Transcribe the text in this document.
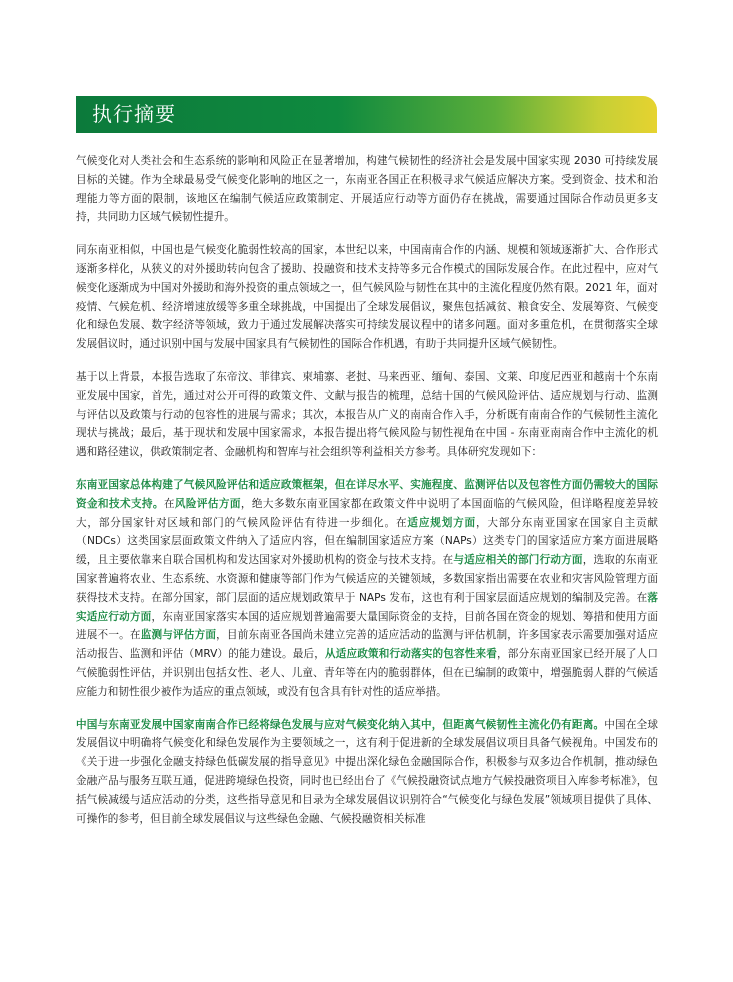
执行摘要

气候变化对人类社会和生态系统的影响和风险正在显著增加，构建气候韧性的经济社会是发展中国家实现 2030 可持续发展目标的关键。作为全球最易受气候变化影响的地区之一，东南亚各国正在积极寻求气候适应解决方案。受到资金、技术和治理能力等方面的限制，该地区在编制气候适应政策制定、开展适应行动等方面仍存在挑战，需要通过国际合作动员更多支持，共同助力区域气候韧性提升。

同东南亚相似，中国也是气候变化脆弱性较高的国家，本世纪以来，中国南南合作的内涵、规模和领域逐渐扩大、合作形式逐渐多样化，从狭义的对外援助转向包含了援助、投融资和技术支持等多元合作模式的国际发展合作。在此过程中，应对气候变化逐渐成为中国对外援助和海外投资的重点领域之一，但气候风险与韧性在其中的主流化程度仍然有限。2021 年，面对疫情、气候危机、经济增速放缓等多重全球挑战，中国提出了全球发展倡议，聚焦包括减贫、粮食安全、发展筹资、气候变化和绿色发展、数字经济等领域，致力于通过发展解决落实可持续发展议程中的诸多问题。面对多重危机，在贯彻落实全球发展倡议时，通过识别中国与发展中国家具有气候韧性的国际合作机遇，有助于共同提升区域气候韧性。

基于以上背景，本报告选取了东帝汶、菲律宾、柬埔寨、老挝、马来西亚、缅甸、泰国、文莱、印度尼西亚和越南十个东南亚发展中国家，首先，通过对公开可得的政策文件、文献与报告的梳理，总结十国的气候风险评估、适应规划与行动、监测与评估以及政策与行动的包容性的进展与需求；其次，本报告从广义的南南合作入手，分析既有南南合作的气候韧性主流化现状与挑战；最后，基于现状和发展中国家需求，本报告提出将气候风险与韧性视角在中国 - 东南亚南南合作中主流化的机遇和路径建议，供政策制定者、金融机构和智库与社会组织等利益相关方参考。具体研究发现如下：

东南亚国家总体构建了气候风险评估和适应政策框架，但在详尽水平、实施程度、监测评估以及包容性方面仍需较大的国际资金和技术支持。在风险评估方面，绝大多数东南亚国家都在政策文件中说明了本国面临的气候风险，但详略程度差异较大，部分国家针对区域和部门的气候风险评估有待进一步细化。在适应规划方面，大部分东南亚国家在国家自主贡献（NDCs）这类国家层面政策文件纳入了适应内容，但在编制国家适应方案（NAPs）这类专门的国家适应方案方面进展略缓，且主要依靠来自联合国机构和发达国家对外援助机构的资金与技术支持。在与适应相关的部门行动方面，选取的东南亚国家普遍将农业、生态系统、水资源和健康等部门作为气候适应的关键领域，多数国家指出需要在农业和灾害风险管理方面获得技术支持。在部分国家，部门层面的适应规划政策早于 NAPs 发布，这也有利于国家层面适应规划的编制及完善。在落实适应行动方面，东南亚国家落实本国的适应规划普遍需要大量国际资金的支持，目前各国在资金的规划、筹措和使用方面进展不一。在监测与评估方面，目前东南亚各国尚未建立完善的适应活动的监测与评估机制，许多国家表示需要加强对适应活动报告、监测和评估（MRV）的能力建设。最后，从适应政策和行动落实的包容性来看，部分东南亚国家已经开展了人口气候脆弱性评估，并识别出包括女性、老人、儿童、青年等在内的脆弱群体，但在已编制的政策中，增强脆弱人群的气候适应能力和韧性很少被作为适应的重点领域，或没有包含具有针对性的适应举措。

中国与东南亚发展中国家南南合作已经将绿色发展与应对气候变化纳入其中，但距离气候韧性主流化仍有距离。中国在全球发展倡议中明确将气候变化和绿色发展作为主要领域之一，这有利于促进新的全球发展倡议项目具备气候视角。中国发布的《关于进一步强化金融支持绿色低碳发展的指导意见》中提出深化绿色金融国际合作，积极参与双多边合作机制，推动绿色金融产品与服务互联互通，促进跨境绿色投资，同时也已经出台了《气候投融资试点地方气候投融资项目入库参考标准》，包括气候减缓与适应活动的分类，这些指导意见和目录为全球发展倡议识别符合“气候变化与绿色发展”领域项目提供了具体、可操作的参考，但目前全球发展倡议与这些绿色金融、气候投融资相关标准
